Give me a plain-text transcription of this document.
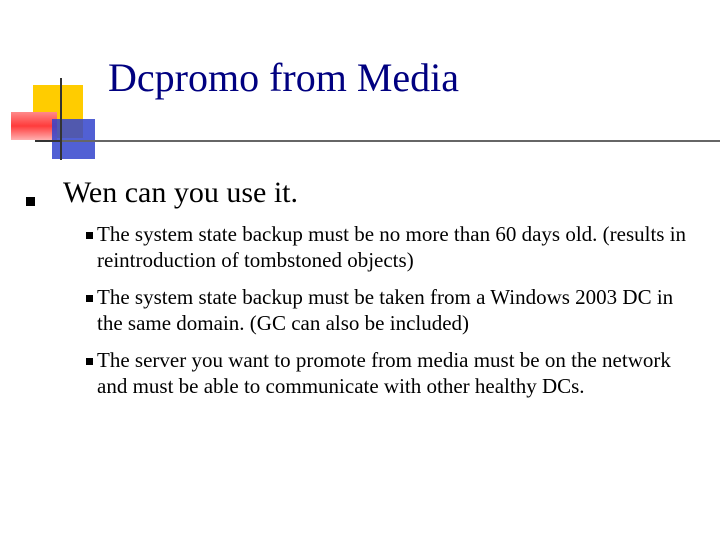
Dcpromo from Media
Wen can you use it.
The system state backup must be no more than 60 days old. (results in reintroduction of tombstoned objects)
The system state backup must be taken from a Windows 2003 DC in the same domain. (GC can also be included)
The server you want to promote from media must be on the network and must be able to communicate with other healthy DCs.
